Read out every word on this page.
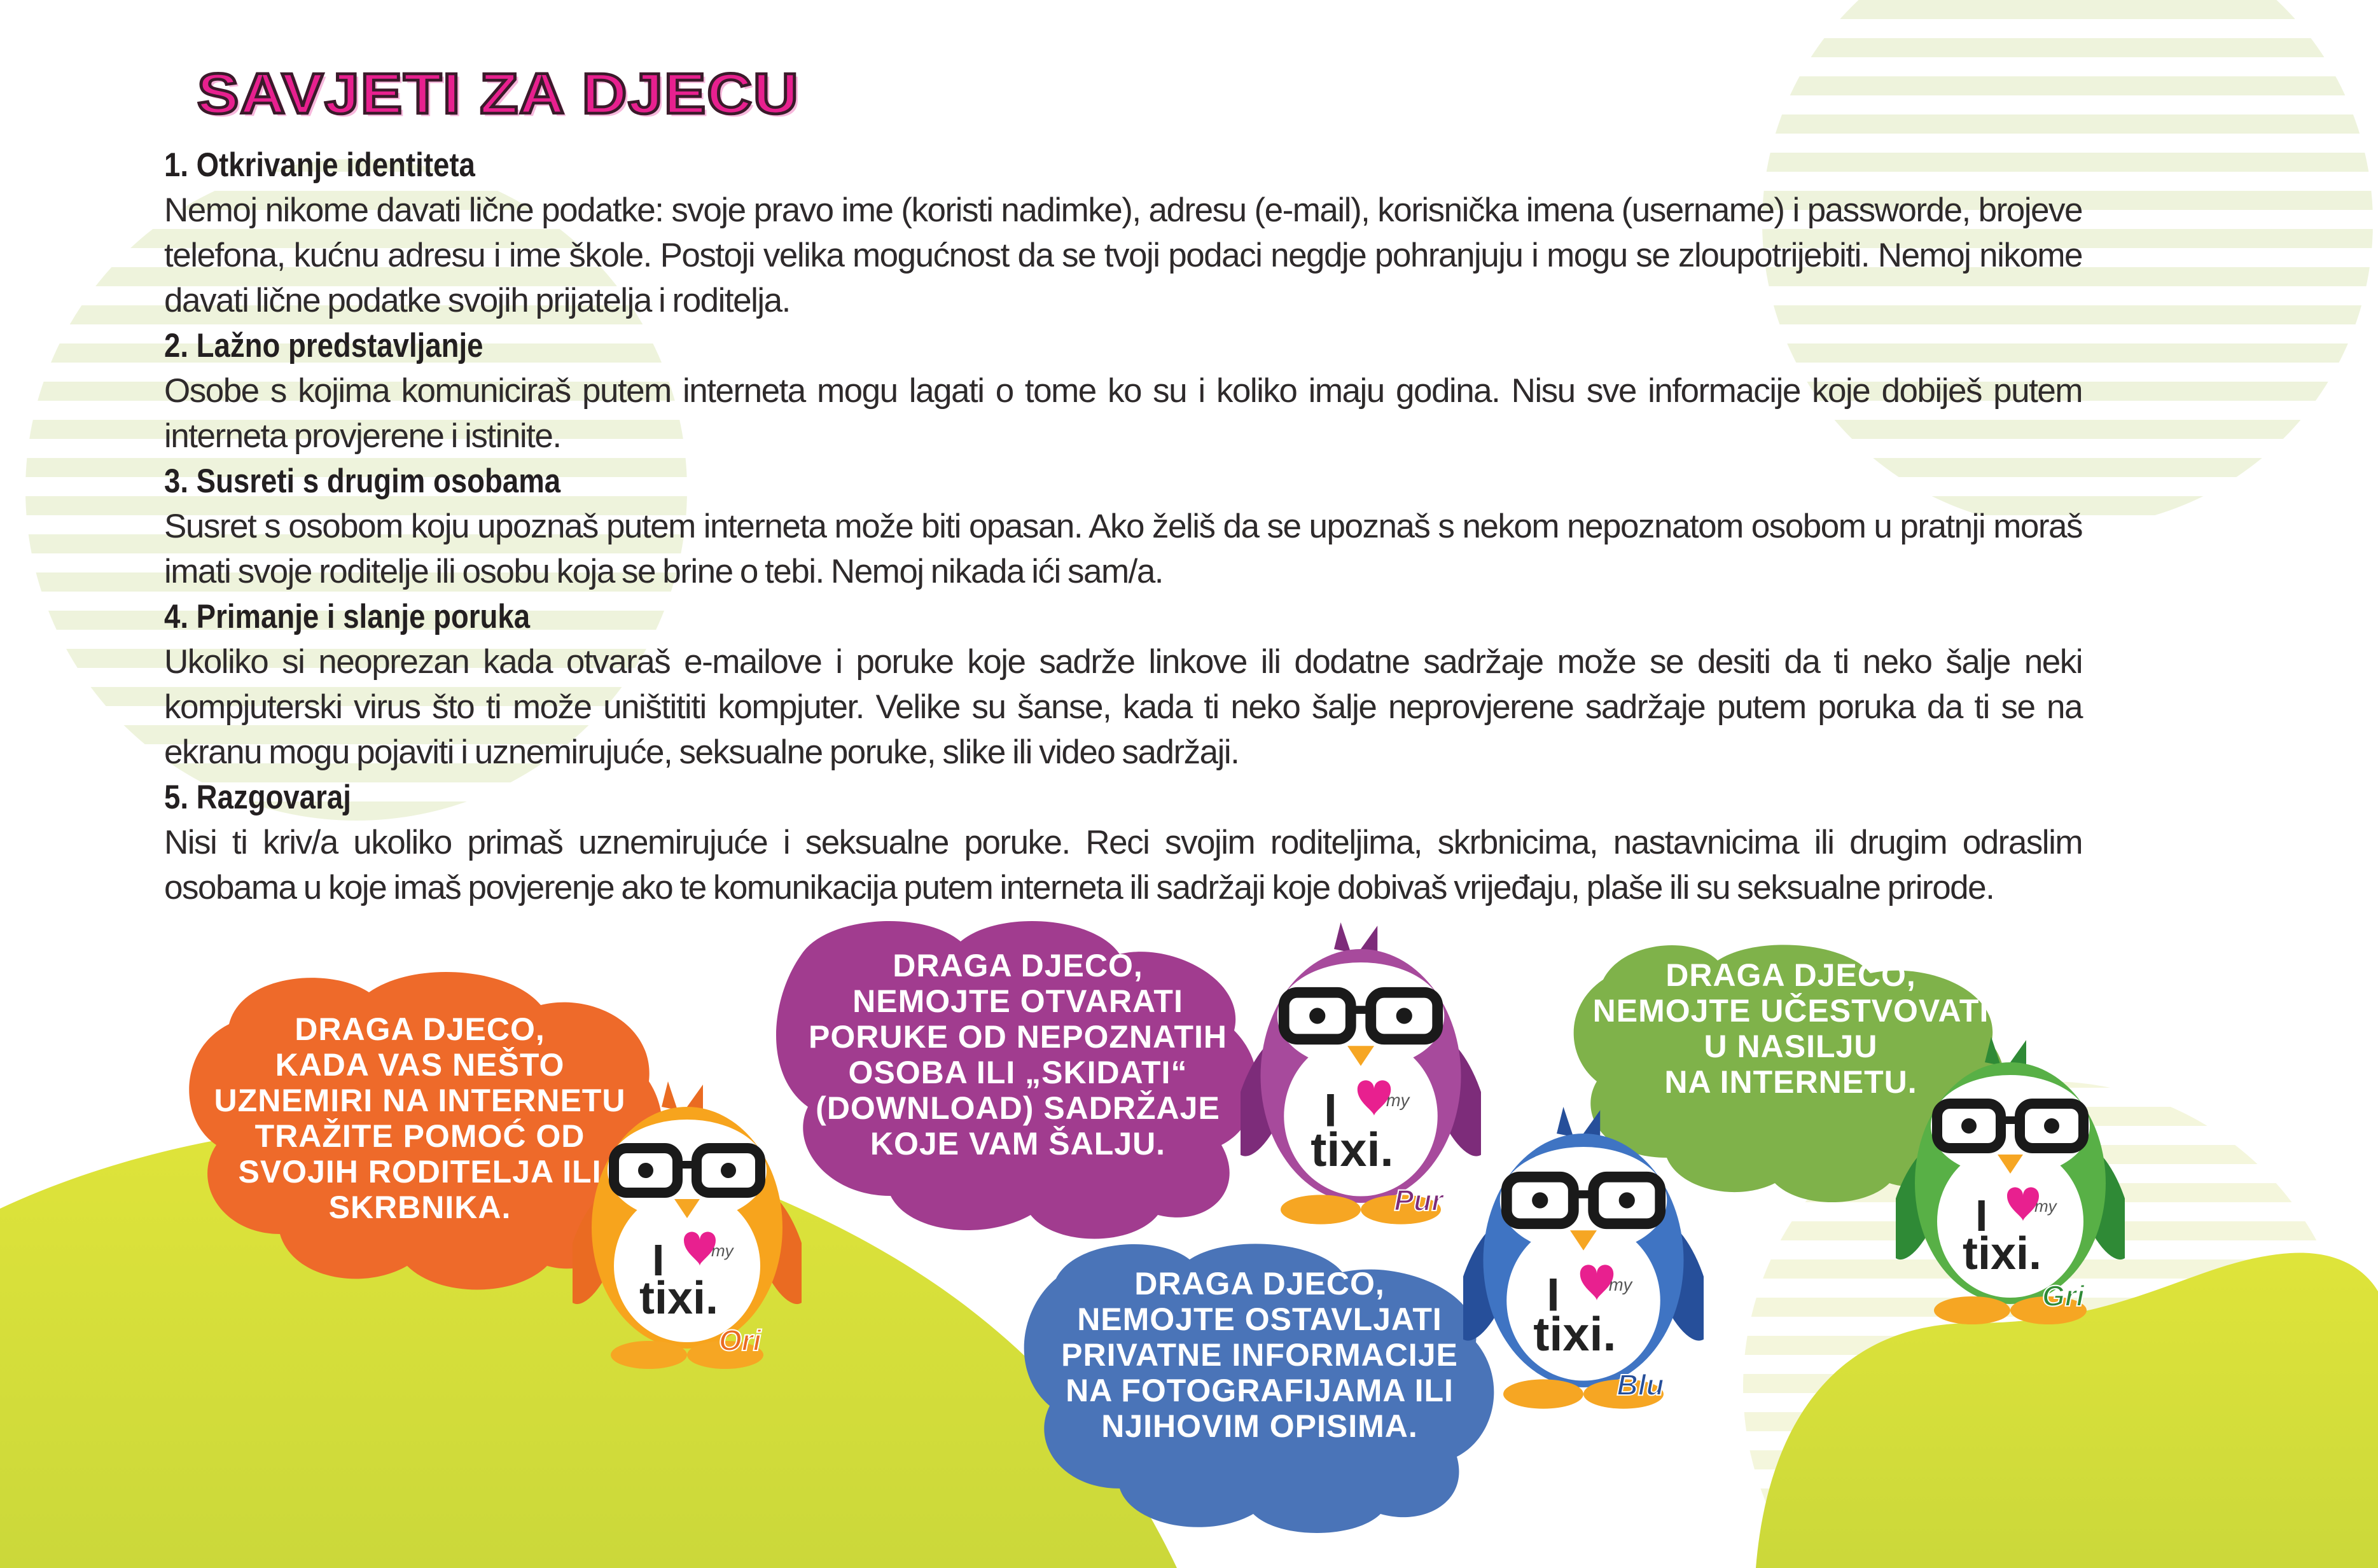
SAVJETI ZA DJECU
1. Otkrivanje identiteta

Nemoj nikome davati lične podatke: svoje pravo ime (koristi nadimke), adresu (e-mail), korisnička imena (username) i passworde, brojeve telefona, kućnu adresu i ime škole. Postoji velika mogućnost da se tvoji podaci negdje pohranjuju i mogu se zloupotrijebiti. Nemoj nikome davati lične podatke svojih prijatelja i roditelja.

2. Lažno predstavljanje

Osobe s kojima komuniciraš putem interneta mogu lagati o tome ko su i koliko imaju godina. Nisu sve informacije koje dobiješ putem interneta provjerene i istinite.

3. Susreti s drugim osobama

Susret s osobom koju upoznaš putem interneta može biti opasan. Ako želiš da se upoznaš s nekom nepoznatom osobom u pratnji moraš imati svoje roditelje ili osobu koja se brine o tebi. Nemoj nikada ići sam/a.

4. Primanje i slanje poruka

Ukoliko si neoprezan kada otvaraš e-mailove i poruke koje sadrže linkove ili dodatne sadržaje može se desiti da ti neko šalje neki kompjuterski virus što ti može uništititi kompjuter. Velike su šanse, kada ti neko šalje neprovjerene sadržaje putem poruka da ti se na ekranu mogu pojaviti i uznemirujuće, seksualne poruke, slike ili video sadržaji.

5. Razgovaraj

Nisi ti kriv/a ukoliko primaš uznemirujuće i seksualne poruke. Reci svojim roditeljima, skrbnicima, nastavnicima ili drugim odraslim osobama u koje imaš povjerenje ako te komunikacija putem interneta ili sadržaji koje dobivaš vrijeđaju, plaše ili su seksualne prirode.

DRAGA DJECO,
KADA VAS NEŠTO
UZNEMIRI NA INTERNETU
TRAŽITE POMOĆ OD
SVOJIH RODITELJA ILI
SKRBNIKA.
DRAGA DJECO,
NEMOJTE OTVARATI
PORUKE OD NEPOZNATIH
OSOBA ILI „SKIDATI“
(DOWNLOAD) SADRŽAJE
KOJE VAM ŠALJU.
DRAGA DJECO,
NEMOJTE UČESTVOVATI
U NASILJU
NA INTERNETU.
DRAGA DJECO,
NEMOJTE OSTAVLJATI
PRIVATNE INFORMACIJE
NA FOTOGRAFIJAMA ILI
NJIHOVIM OPISIMA.
I	my
tixi.
Ori
I	my
tixi.
Pur
I	my
tixi.
Blu
I	my
tixi.
Gri
